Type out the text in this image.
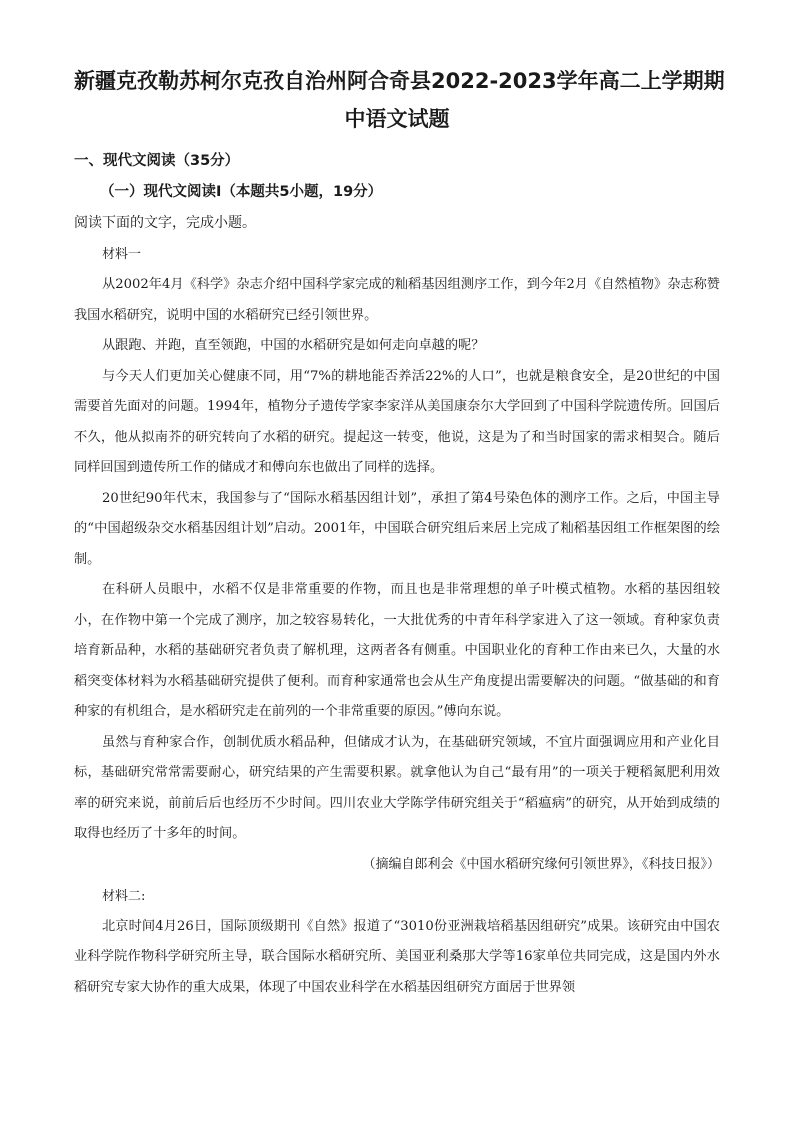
新疆克孜勒苏柯尔克孜自治州阿合奇县2022-2023学年高二上学期期
中语文试题

一、现代文阅读（35分）

（一）现代文阅读Ⅰ（本题共5小题，19分）

阅读下面的文字，完成小题。

材料一

从2002年4月《科学》杂志介绍中国科学家完成的籼稻基因组测序工作，到今年2月《自然植物》杂志称赞我国水稻研究，说明中国的水稻研究已经引领世界。

从跟跑、并跑，直至领跑，中国的水稻研究是如何走向卓越的呢？

与今天人们更加关心健康不同，用“7%的耕地能否养活22%的人口”，也就是粮食安全，是20世纪的中国需要首先面对的问题。1994年，植物分子遗传学家李家洋从美国康奈尔大学回到了中国科学院遗传所。回国后不久，他从拟南芥的研究转向了水稻的研究。提起这一转变，他说，这是为了和当时国家的需求相契合。随后同样回国到遗传所工作的储成才和傅向东也做出了同样的选择。

20世纪90年代末，我国参与了“国际水稻基因组计划”，承担了第4号染色体的测序工作。之后，中国主导的“中国超级杂交水稻基因组计划”启动。2001年，中国联合研究组后来居上完成了籼稻基因组工作框架图的绘制。

在科研人员眼中，水稻不仅是非常重要的作物，而且也是非常理想的单子叶模式植物。水稻的基因组较小，在作物中第一个完成了测序，加之较容易转化，一大批优秀的中青年科学家进入了这一领域。育种家负责培育新品种，水稻的基础研究者负责了解机理，这两者各有侧重。中国职业化的育种工作由来已久，大量的水稻突变体材料为水稻基础研究提供了便利。而育种家通常也会从生产角度提出需要解决的问题。“做基础的和育种家的有机组合，是水稻研究走在前列的一个非常重要的原因。”傅向东说。

虽然与育种家合作，创制优质水稻品种，但储成才认为，在基础研究领域，不宜片面强调应用和产业化目标，基础研究常常需要耐心，研究结果的产生需要积累。就拿他认为自己“最有用”的一项关于粳稻氮肥利用效率的研究来说，前前后后也经历不少时间。四川农业大学陈学伟研究组关于“稻瘟病”的研究，从开始到成绩的取得也经历了十多年的时间。

（摘编自郎利会《中国水稻研究缘何引领世界》，《科技日报》）

材料二:

北京时间4月26日，国际顶级期刊《自然》报道了“3010份亚洲栽培稻基因组研究”成果。该研究由中国农业科学院作物科学研究所主导，联合国际水稻研究所、美国亚利桑那大学等16家单位共同完成，这是国内外水稻研究专家大协作的重大成果，体现了中国农业科学在水稻基因组研究方面居于世界领
